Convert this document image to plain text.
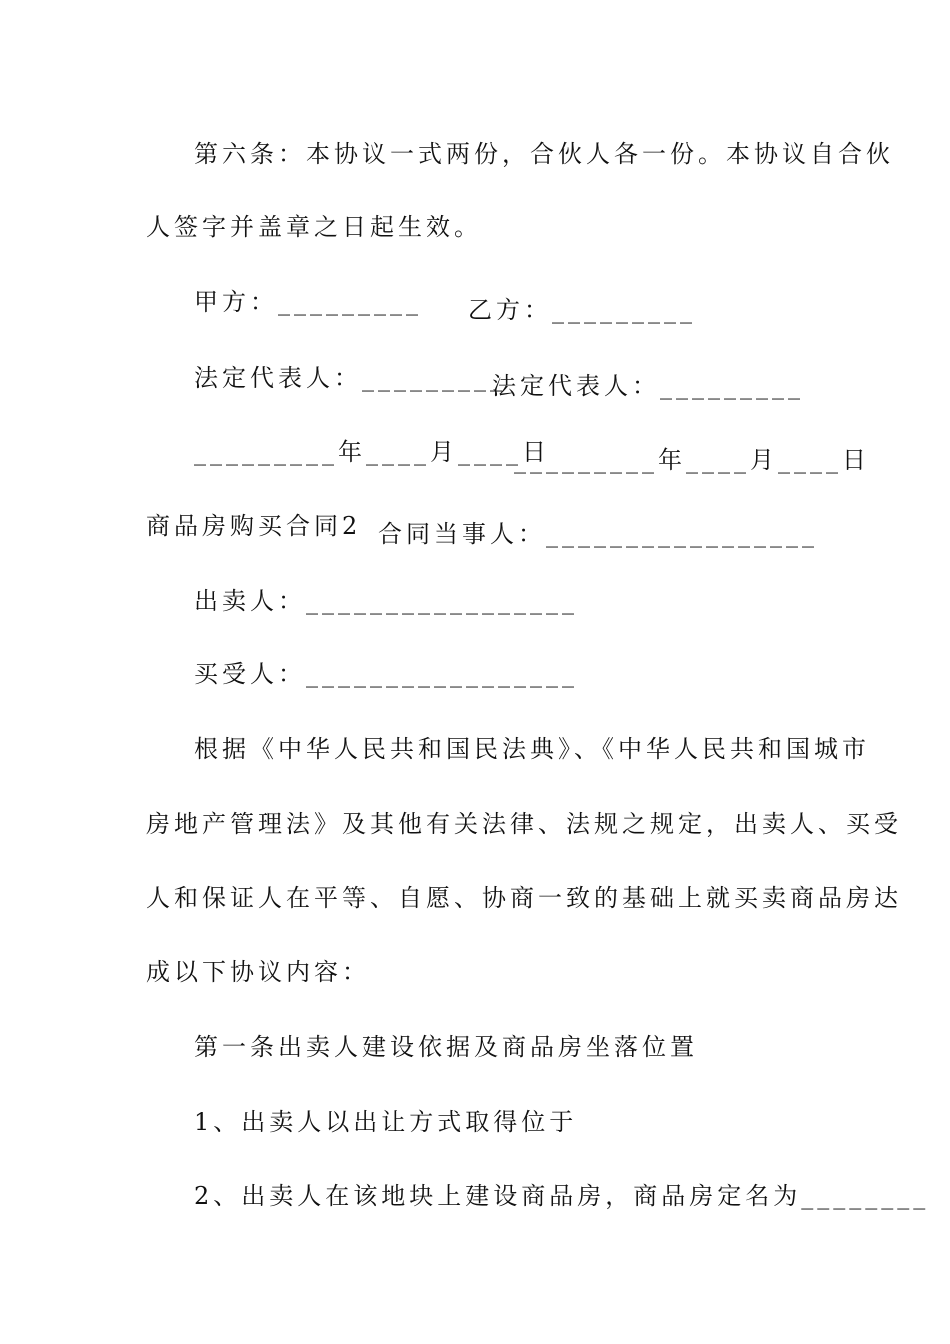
第六条：本协议一式两份，合伙人各一份。本协议自合伙
人签字并盖章之日起生效。
甲方：_________ 乙方：_________
法定代表人：_________
法定代表人：_________
_________年____月____日
_________年____月____日
商品房购买合同2 合同当事人：_________________
出卖人：_________________
买受人：_________________
根据《中华人民共和国民法典》、《中华人民共和国城市
房地产管理法》及其他有关法律、法规之规定，出卖人、买受
人和保证人在平等、自愿、协商一致的基础上就买卖商品房达
成以下协议内容：
第一条出卖人建设依据及商品房坐落位置
1、出卖人以出让方式取得位于
2、出卖人在该地块上建设商品房，商品房定名为________
